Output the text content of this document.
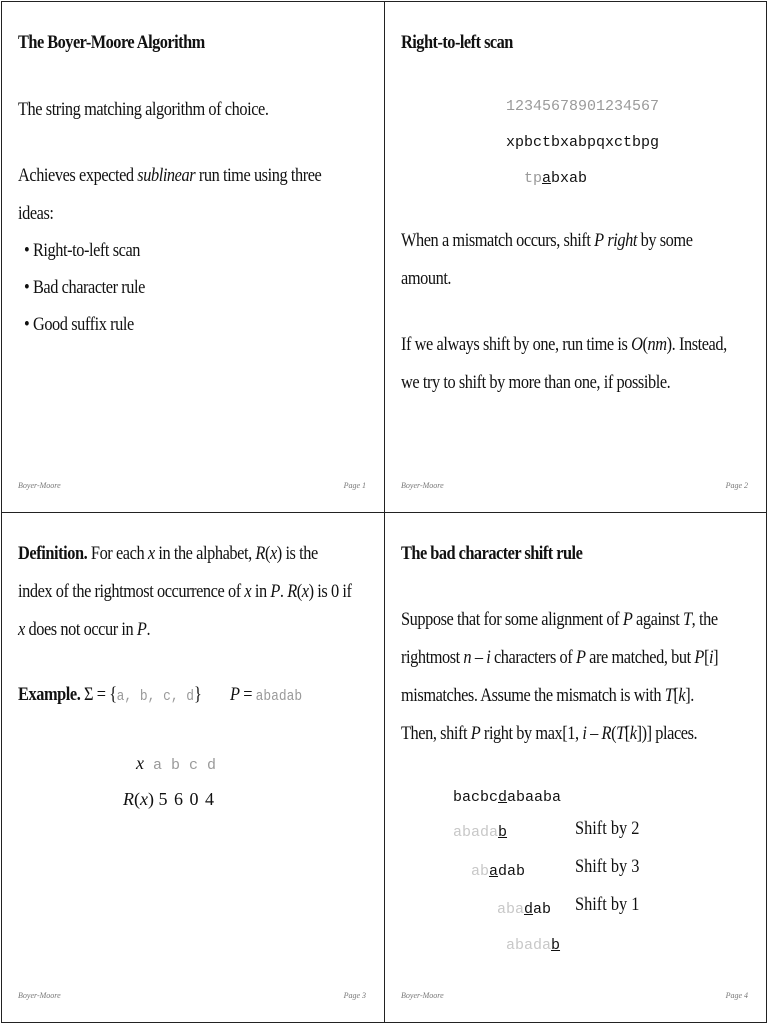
The Boyer-Moore Algorithm
The string matching algorithm of choice.
Achieves expected sublinear run time using three
ideas:
• Right-to-left scan
• Bad character rule
• Good suffix rule
Boyer-Moore	Page 1
Right-to-left scan
12345678901234567
xpbctbxabpqxctbpg
tpabxab
When a mismatch occurs, shift P right by some
amount.
If we always shift by one, run time is O(nm). Instead,
we try to shift by more than one, if possible.
Boyer-Moore	Page 2
Definition. For each x in the alphabet, R(x) is the
index of the rightmost occurrence of x in P. R(x) is 0 if
x does not occur in P.
Example. Σ = {a, b, c, d} P = abadab
x a b c d
R(x) 5 6 0 4
Boyer-Moore	Page 3
The bad character shift rule
Suppose that for some alignment of P against T, the
rightmost n – i characters of P are matched, but P[i]
mismatches. Assume the mismatch is with T[k].
Then, shift P right by max[1, i – R(T[k])] places.
bacbcdabaaba
abadab	Shift by 2
abadab	Shift by 3
abadab Shift by 1
abadab
Boyer-Moore	Page 4
